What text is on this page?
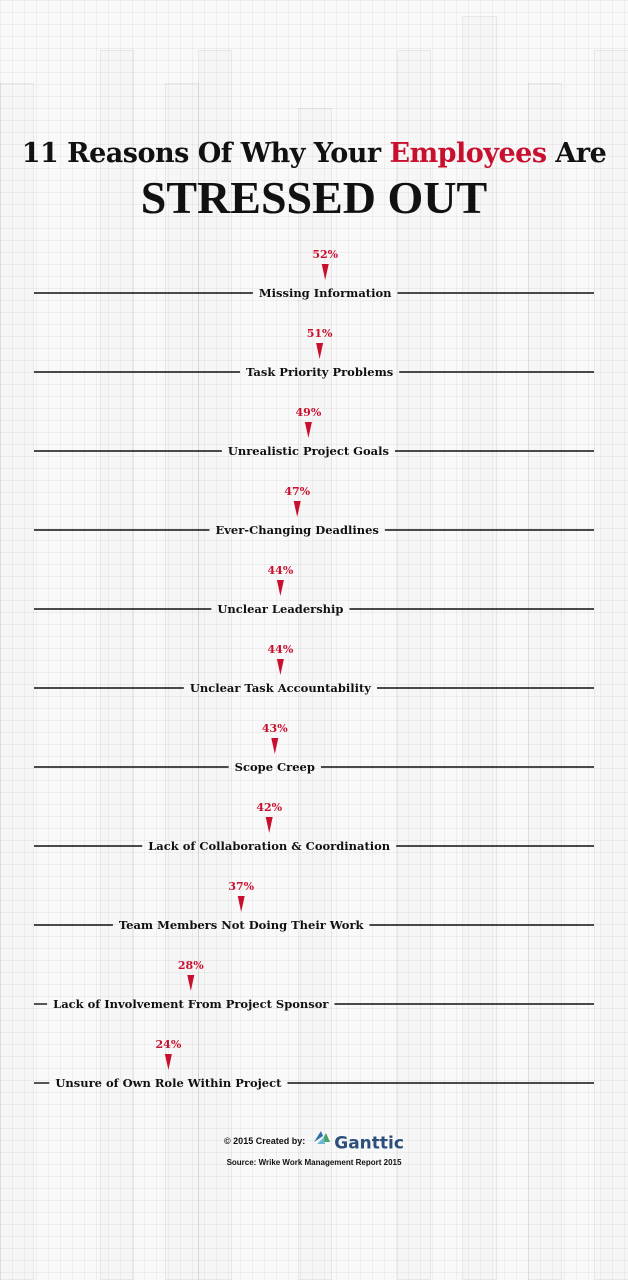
11 Reasons Of Why Your Employees Are
STRESSED OUT
Missing Information
52%
Task Priority Problems
51%
Unrealistic Project Goals
49%
Ever-Changing Deadlines
47%
Unclear Leadership
44%
Unclear Task Accountability
44%
Scope Creep
43%
Lack of Collaboration & Coordination
42%
Team Members Not Doing Their Work
37%
Lack of Involvement From Project Sponsor
28%
Unsure of Own Role Within Project
24%
© 2015 Created by: Ganttic
Source: Wrike Work Management Report 2015
